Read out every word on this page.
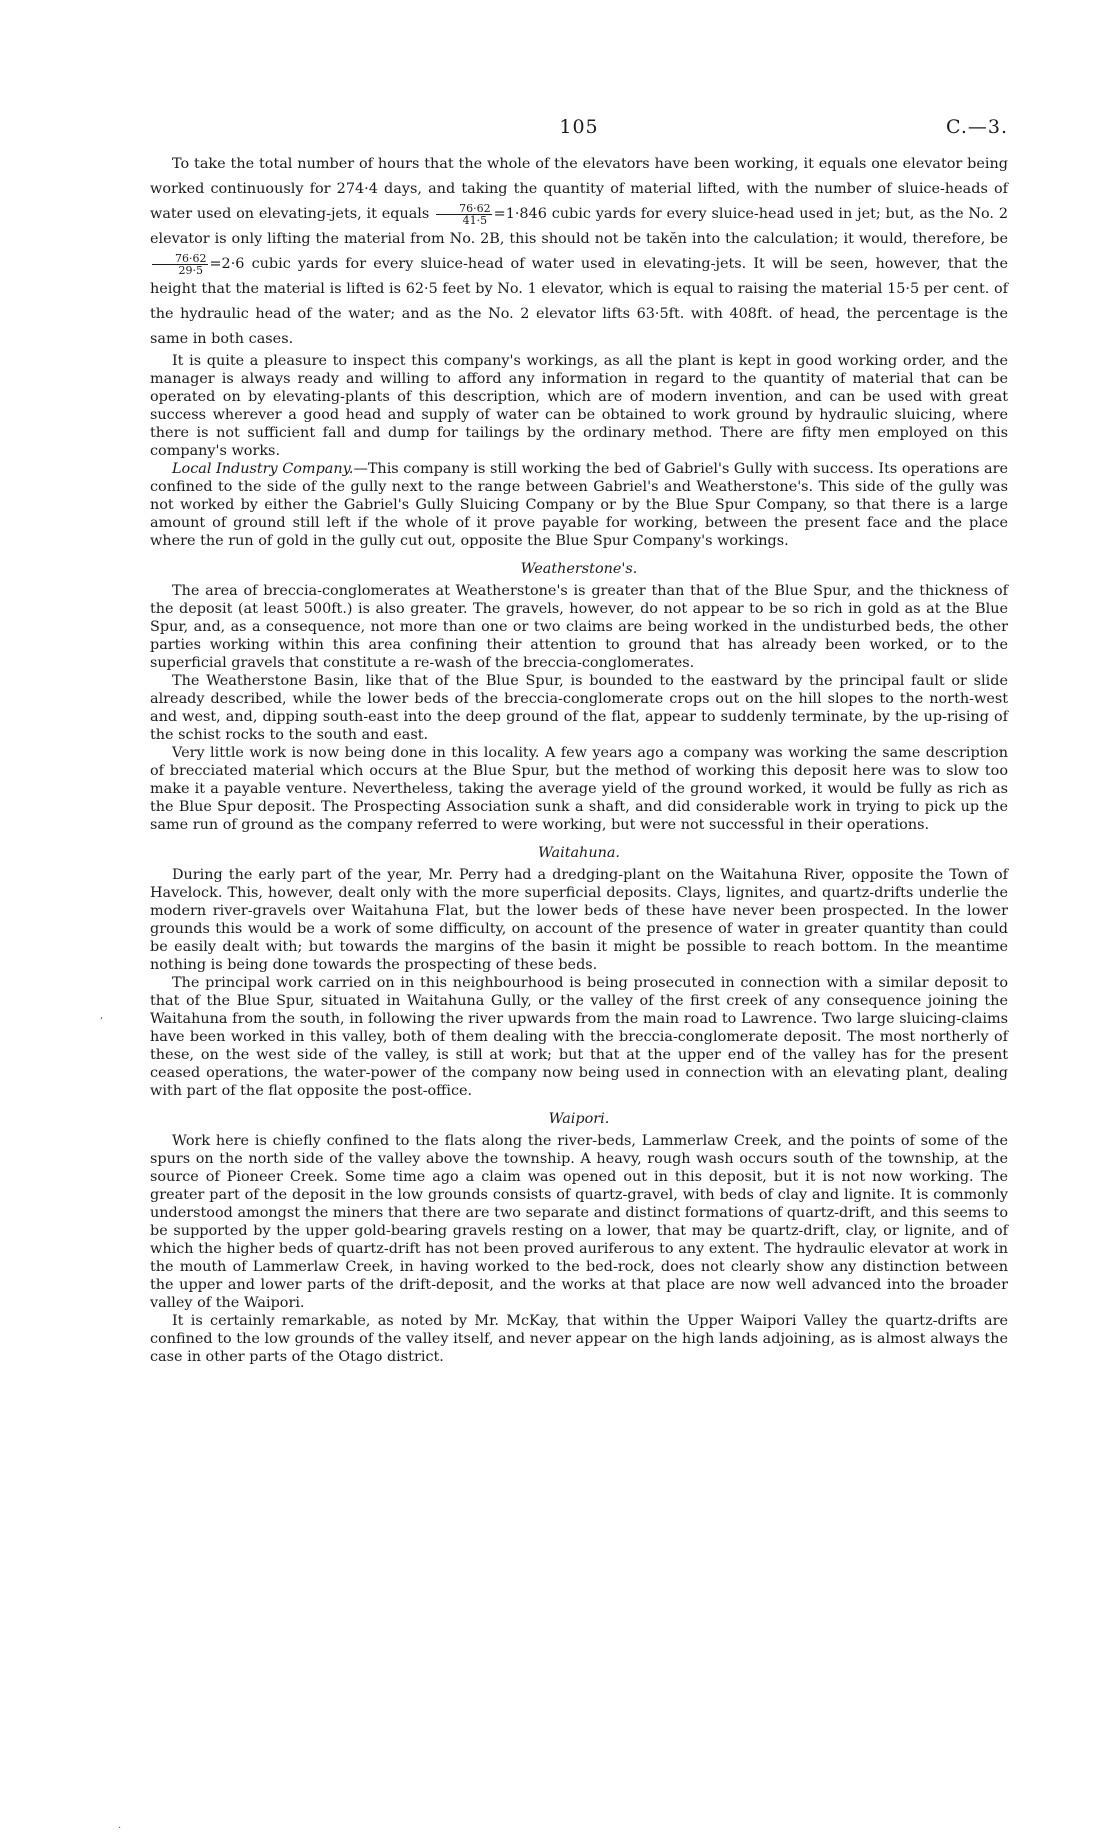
105	C.—3.

To take the total number of hours that the whole of the elevators have been working, it equals one elevator being worked continuously for 274·4 days, and taking the quantity of material lifted, with the number of sluice-heads of water used on elevating-jets, it equals $\frac{76\cdot 62}{41\cdot 5} =1\cdot 846$ cubic yards for every sluice-head used in jet; but, as the No. 2 elevator is only lifting the material from No. 2B, this should not be takĕn into the calculation; it would, therefore, be
$\frac{76\cdot 62}{29\cdot 5} =2\cdot 6$ cubic yards for every sluice-head of water used in elevating-jets. It will be seen, however, that the height that the material is lifted is 62·5 feet by No. 1 elevator, which is equal to raising the material 15·5 per cent. of the hydraulic head of the water; and as the No. 2 elevator lifts 63·5ft. with 408ft. of head, the percentage is the same in both cases.

It is quite a pleasure to inspect this company's workings, as all the plant is kept in good working order, and the manager is always ready and willing to afford any information in regard to the quantity of material that can be operated on by elevating-plants of this description, which are of modern invention, and can be used with great success wherever a good head and supply of water can be obtained to work ground by hydraulic sluicing, where there is not sufficient fall and dump for tailings by the ordinary method. There are fifty men employed on this company's works.

Local Industry Company.—This company is still working the bed of Gabriel's Gully with success. Its operations are confined to the side of the gully next to the range between Gabriel's and Weatherstone's. This side of the gully was not worked by either the Gabriel's Gully Sluicing Company or by the Blue Spur Company, so that there is a large amount of ground still left if the whole of it prove payable for working, between the present face and the place where the run of gold in the gully cut out, opposite the Blue Spur Company's workings.

Weatherstone's.

The area of breccia-conglomerates at Weatherstone's is greater than that of the Blue Spur, and the thickness of the deposit (at least 500ft.) is also greater. The gravels, however, do not appear to be so rich in gold as at the Blue Spur, and, as a consequence, not more than one or two claims are being worked in the undisturbed beds, the other parties working within this area confining their attention to ground that has already been worked, or to the superficial gravels that constitute a re-wash of the breccia-conglomerates.

The Weatherstone Basin, like that of the Blue Spur, is bounded to the eastward by the principal fault or slide already described, while the lower beds of the breccia-conglomerate crops out on the hill slopes to the north-west and west, and, dipping south-east into the deep ground of the flat, appear to suddenly terminate, by the up-rising of the schist rocks to the south and east.

Very little work is now being done in this locality. A few years ago a company was working the same description of brecciated material which occurs at the Blue Spur, but the method of working this deposit here was to slow too make it a payable venture. Nevertheless, taking the average yield of the ground worked, it would be fully as rich as the Blue Spur deposit. The Prospecting Association sunk a shaft, and did considerable work in trying to pick up the same run of ground as the company referred to were working, but were not successful in their operations.

Waitahuna.

During the early part of the year, Mr. Perry had a dredging-plant on the Waitahuna River, opposite the Town of Havelock. This, however, dealt only with the more superficial deposits. Clays, lignites, and quartz-drifts underlie the modern river-gravels over Waitahuna Flat, but the lower beds of these have never been prospected. In the lower grounds this would be a work of some difficulty, on account of the presence of water in greater quantity than could be easily dealt with; but towards the margins of the basin it might be possible to reach bottom. In the meantime nothing is being done towards the prospecting of these beds.

The principal work carried on in this neighbourhood is being prosecuted in connection with a similar deposit to that of the Blue Spur, situated in Waitahuna Gully, or the valley of the first creek of any consequence joining the Waitahuna from the south, in following the river upwards from the main road to Lawrence. Two large sluicing-claims have been worked in this valley, both of them dealing with the breccia-conglomerate deposit. The most northerly of these, on the west side of the valley, is still at work; but that at the upper end of the valley has for the present ceased operations, the water-power of the company now being used in connection with an elevating plant, dealing with part of the flat opposite the post-office.

Waipori.

Work here is chiefly confined to the flats along the river-beds, Lammerlaw Creek, and the points of some of the spurs on the north side of the valley above the township. A heavy, rough wash occurs south of the township, at the source of Pioneer Creek. Some time ago a claim was opened out in this deposit, but it is not now working. The greater part of the deposit in the low grounds consists of quartz-gravel, with beds of clay and lignite. It is commonly understood amongst the miners that there are two separate and distinct formations of quartz-drift, and this seems to be supported by the upper gold-bearing gravels resting on a lower, that may be quartz-drift, clay, or lignite, and of which the higher beds of quartz-drift has not been proved auriferous to any extent. The hydraulic elevator at work in the mouth of Lammerlaw Creek, in having worked to the bed-rock, does not clearly show any distinction between the upper and lower parts of the drift-deposit, and the works at that place are now well advanced into the broader valley of the Waipori.

It is certainly remarkable, as noted by Mr. McKay, that within the Upper Waipori Valley the quartz-drifts are confined to the low grounds of the valley itself, and never appear on the high lands adjoining, as is almost always the case in other parts of the Otago district.

,
.
